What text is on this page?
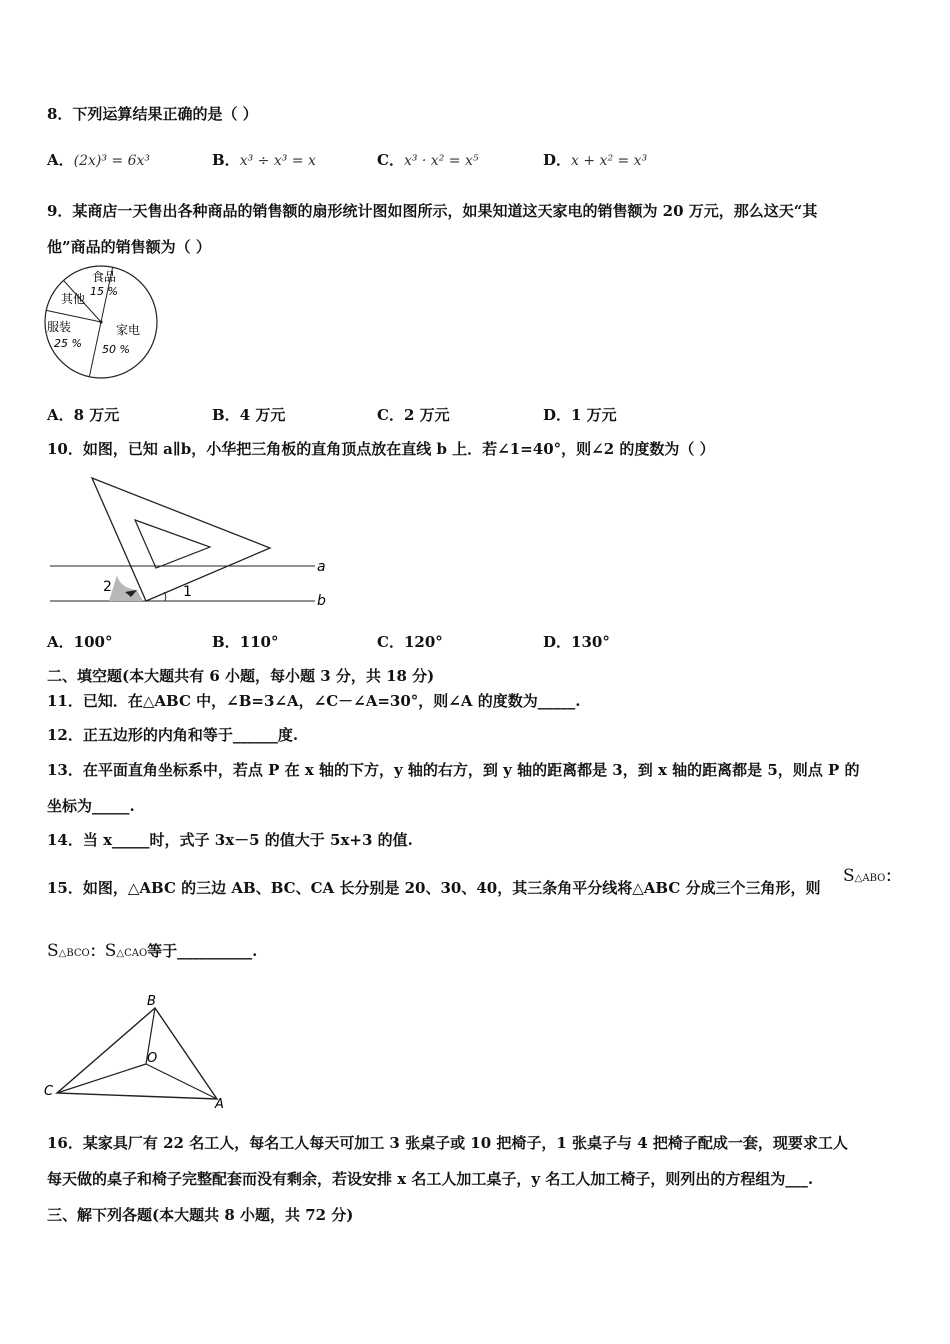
8．下列运算结果正确的是（ ）
A．(2x)³ = 6x³	B．x³ ÷ x³ = x	C．x³ · x² = x⁵	D．x + x² = x³
9．某商店一天售出各种商品的销售额的扇形统计图如图所示，如果知道这天家电的销售额为 20 万元，那么这天“其
他”商品的销售额为（ ）
食品
15 %
其他
服装
25 %
家电
50 %
A．8 万元	B．4 万元	C．2 万元	D．1 万元
10．如图，已知 a∥b，小华把三角板的直角顶点放在直线 b 上．若∠1=40°，则∠2 的度数为（ ）
2	1
a
b
A．100°	B．110°	C．120°	D．130°
二、填空题(本大题共有 6 小题，每小题 3 分，共 18 分)
11．已知．在△ABC 中，∠B=3∠A，∠C－∠A=30°，则∠A 的度数为_____.
12．正五边形的内角和等于______度.
13．在平面直角坐标系中，若点 P 在 x 轴的下方，y 轴的右方，到 y 轴的距离都是 3，到 x 轴的距离都是 5，则点 P 的
坐标为_____.
14．当 x_____时，式子 3x－5 的值大于 5x+3 的值.
15．如图，△ABC 的三边 AB、BC、CA 长分别是 20、30、40，其三条角平分线将△ABC 分成三个三角形，则
S△ABO：
S△BCO：S△CAO等于__________.
B
C
A
O
16．某家具厂有 22 名工人，每名工人每天可加工 3 张桌子或 10 把椅子，1 张桌子与 4 把椅子配成一套，现要求工人
每天做的桌子和椅子完整配套而没有剩余，若设安排 x 名工人加工桌子，y 名工人加工椅子，则列出的方程组为___.
三、解下列各题(本大题共 8 小题，共 72 分)
